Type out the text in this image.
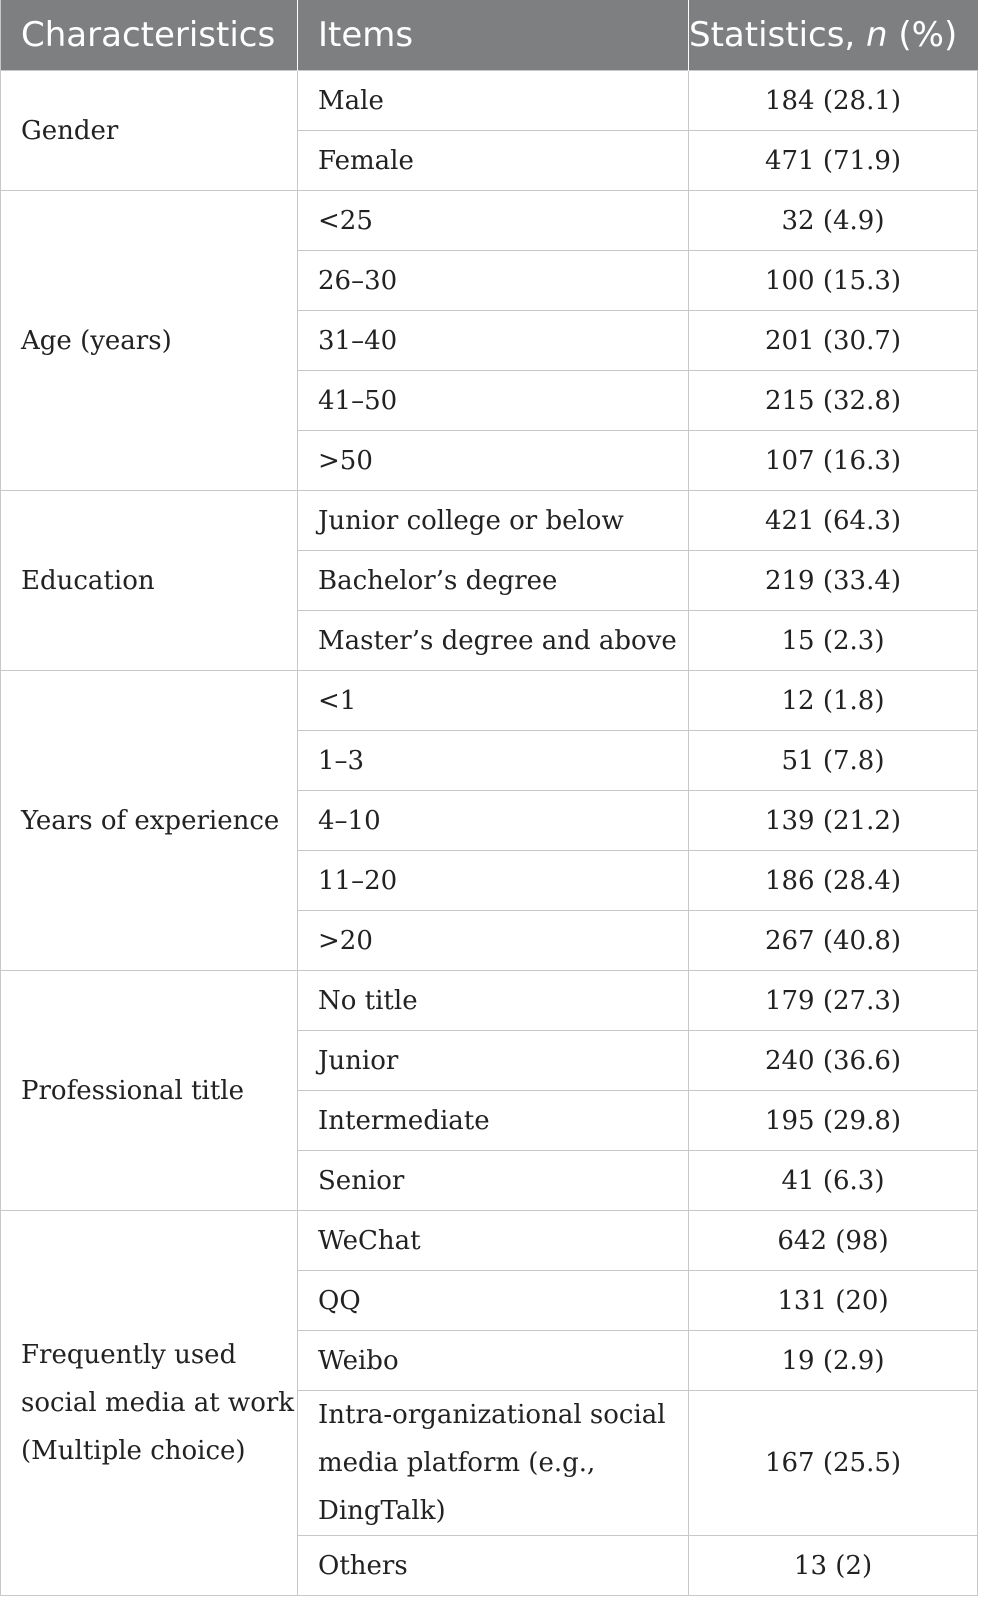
Characteristics	Items	Statistics, n (%)
Gender	Male	184 (28.1)
	Female	471 (71.9)
Age (years)	<25	32 (4.9)
	26–30	100 (15.3)
	31–40	201 (30.7)
	41–50	215 (32.8)
	>50	107 (16.3)
Education	Junior college or below	421 (64.3)
	Bachelor’s degree	219 (33.4)
	Master’s degree and above	15 (2.3)
Years of experience	<1	12 (1.8)
	1–3	51 (7.8)
	4–10	139 (21.2)
	11–20	186 (28.4)
	>20	267 (40.8)
Professional title	No title	179 (27.3)
	Junior	240 (36.6)
	Intermediate	195 (29.8)
	Senior	41 (6.3)
Frequently used social media at work (Multiple choice)	WeChat	642 (98)
	QQ	131 (20)
	Weibo	19 (2.9)
	Intra-organizational social media platform (e.g., DingTalk)	167 (25.5)
	Others	13 (2)
